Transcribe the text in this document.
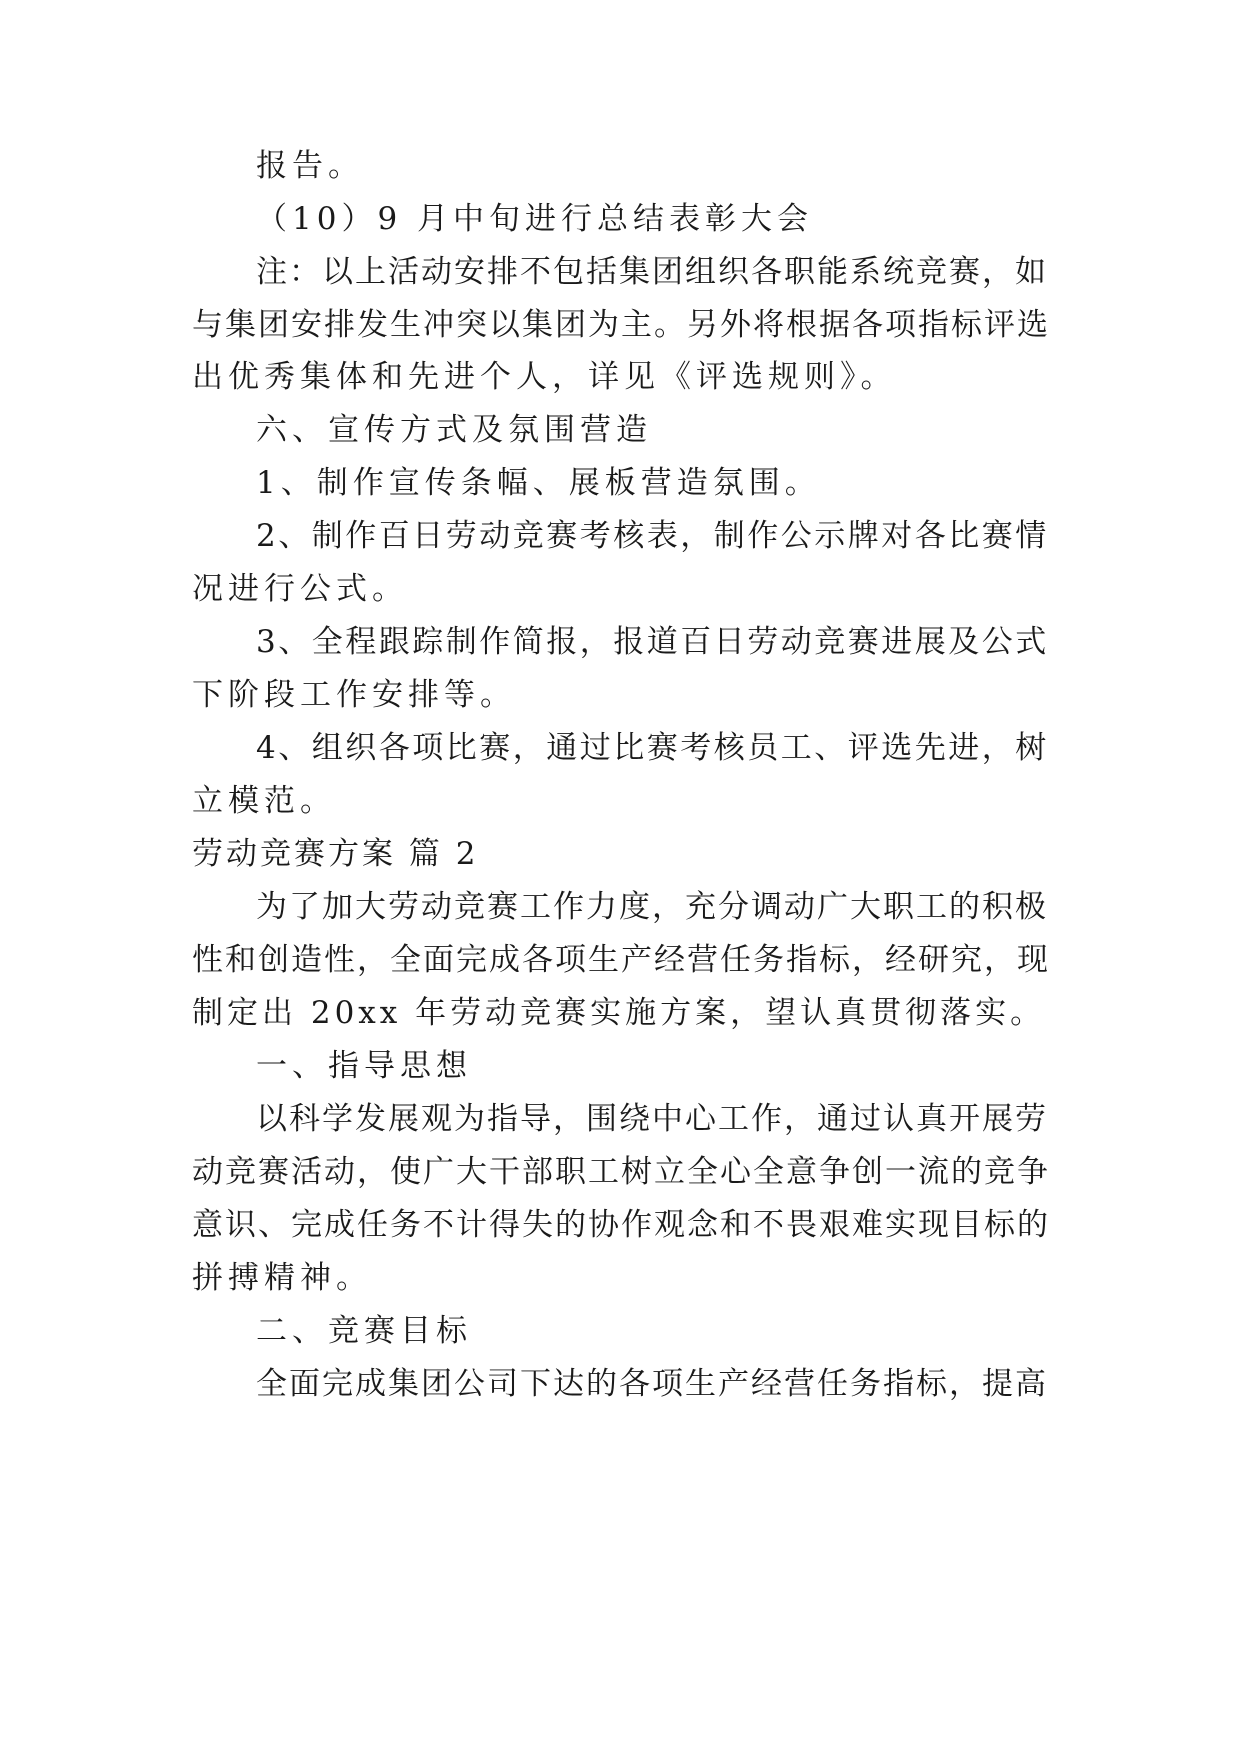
报告。
（10）9 月中旬进行总结表彰大会
注：以上活动安排不包括集团组织各职能系统竞赛，如
与集团安排发生冲突以集团为主。另外将根据各项指标评选
出优秀集体和先进个人，详见《评选规则》。
六、宣传方式及氛围营造
1、制作宣传条幅、展板营造氛围。
2、制作百日劳动竞赛考核表，制作公示牌对各比赛情
况进行公式。
3、全程跟踪制作简报，报道百日劳动竞赛进展及公式
下阶段工作安排等。
4、组织各项比赛，通过比赛考核员工、评选先进，树
立模范。
劳动竞赛方案 篇 2
为了加大劳动竞赛工作力度，充分调动广大职工的积极
性和创造性，全面完成各项生产经营任务指标，经研究，现
制定出 20xx 年劳动竞赛实施方案，望认真贯彻落实。
一、指导思想
以科学发展观为指导，围绕中心工作，通过认真开展劳
动竞赛活动，使广大干部职工树立全心全意争创一流的竞争
意识、完成任务不计得失的协作观念和不畏艰难实现目标的
拼搏精神。
二、竞赛目标
全面完成集团公司下达的各项生产经营任务指标，提高
